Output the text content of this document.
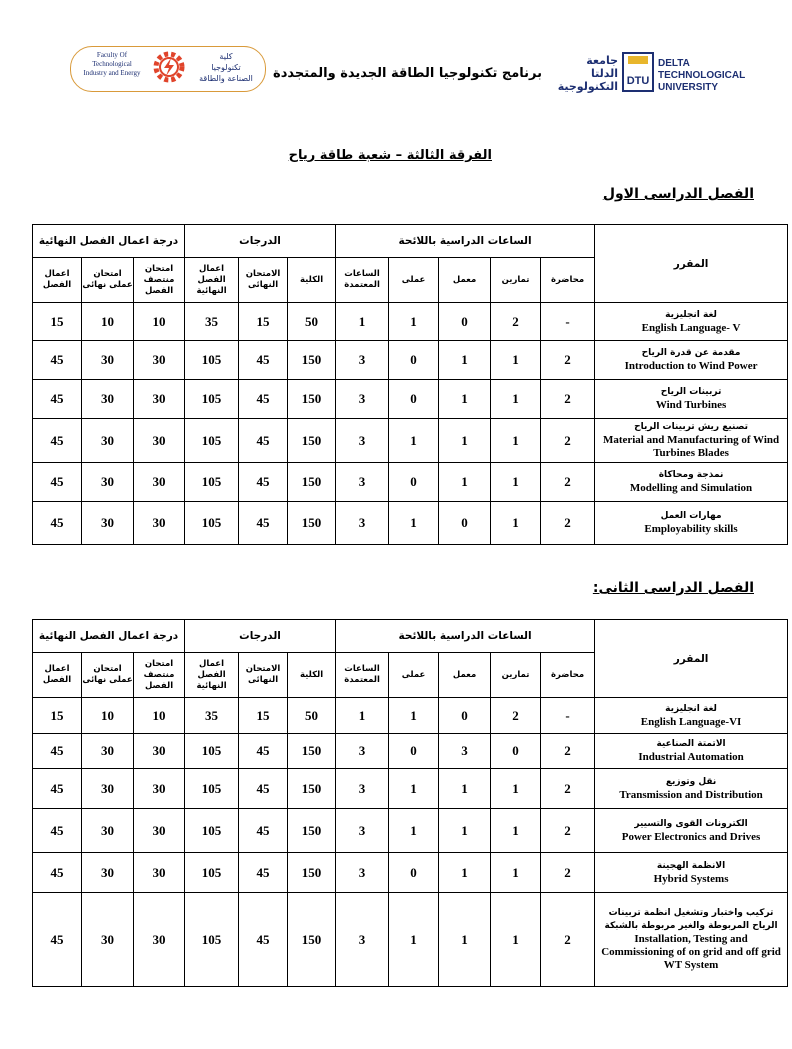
Faculty Of
Technological
Industry and Energy
كلية
تكنولوجيا
الصناعة والطاقة	برنامج تكنولوجيا الطاقة الجديدة والمتجددة
جامعة الدلتا
التكنولوجية DTU
DELTA TECHNOLOGICAL
UNIVERSITY
الفرقة الثالثة – شعبة طاقة رياح
الفصل الدراسى الاول
المقرر	الساعات الدراسية باللائحة					الدرجات			درجة اعمال الفصل النهائية		
	محاضرة	تمارين	معمل	عملى	الساعات المعتمدة	الكلية	الامتحان النهائى	اعمال الفصل النهائية	امتحان منتصف الفصل	امتحان عملى نهائى	اعمال الفصل

لغة انجليزية
English Language- V	-	2	0	1	1	50	15	35	10	10	15

مقدمة عن قدرة الرياح
Introduction to Wind Power	2	1	1	0	3	150	45	105	30	30	45

تربينات الرياح
Wind Turbines	2	1	1	0	3	150	45	105	30	30	45

تصنيع ريش تربينات الرياح
Material and Manufacturing of Wind Turbines Blades	2	1	1	1	3	150	45	105	30	30	45

نمذجة ومحاكاة
Modelling and Simulation	2	1	1	0	3	150	45	105	30	30	45

مهارات العمل
Employability skills	2	1	0	1	3	150	45	105	30	30	45
الفصل الدراسى الثانى:
المقرر	الساعات الدراسية باللائحة					الدرجات			درجة اعمال الفصل النهائية		
	محاضرة	تمارين	معمل	عملى	الساعات المعتمدة	الكلية	الامتحان النهائى	اعمال الفصل النهائية	امتحان منتصف الفصل	امتحان عملى نهائى	اعمال الفصل

لغة انجليزية
English Language-VI	-	2	0	1	1	50	15	35	10	10	15

الاتمتة الصناعية
Industrial Automation	2	0	3	0	3	150	45	105	30	30	45

نقل وتوزيع
Transmission and Distribution	2	1	1	1	3	150	45	105	30	30	45

الكترونات القوى والتسيير
Power Electronics and Drives	2	1	1	1	3	150	45	105	30	30	45

الانظمة الهجينة
Hybrid Systems	2	1	1	0	3	150	45	105	30	30	45

تركيب واختبار وتشغيل انظمة تربينات الرياح المربوطة والغير مربوطة بالشبكة
Installation, Testing and Commissioning of on grid and off grid WT System	2	1	1	1	3	150	45	105	30	30	45
